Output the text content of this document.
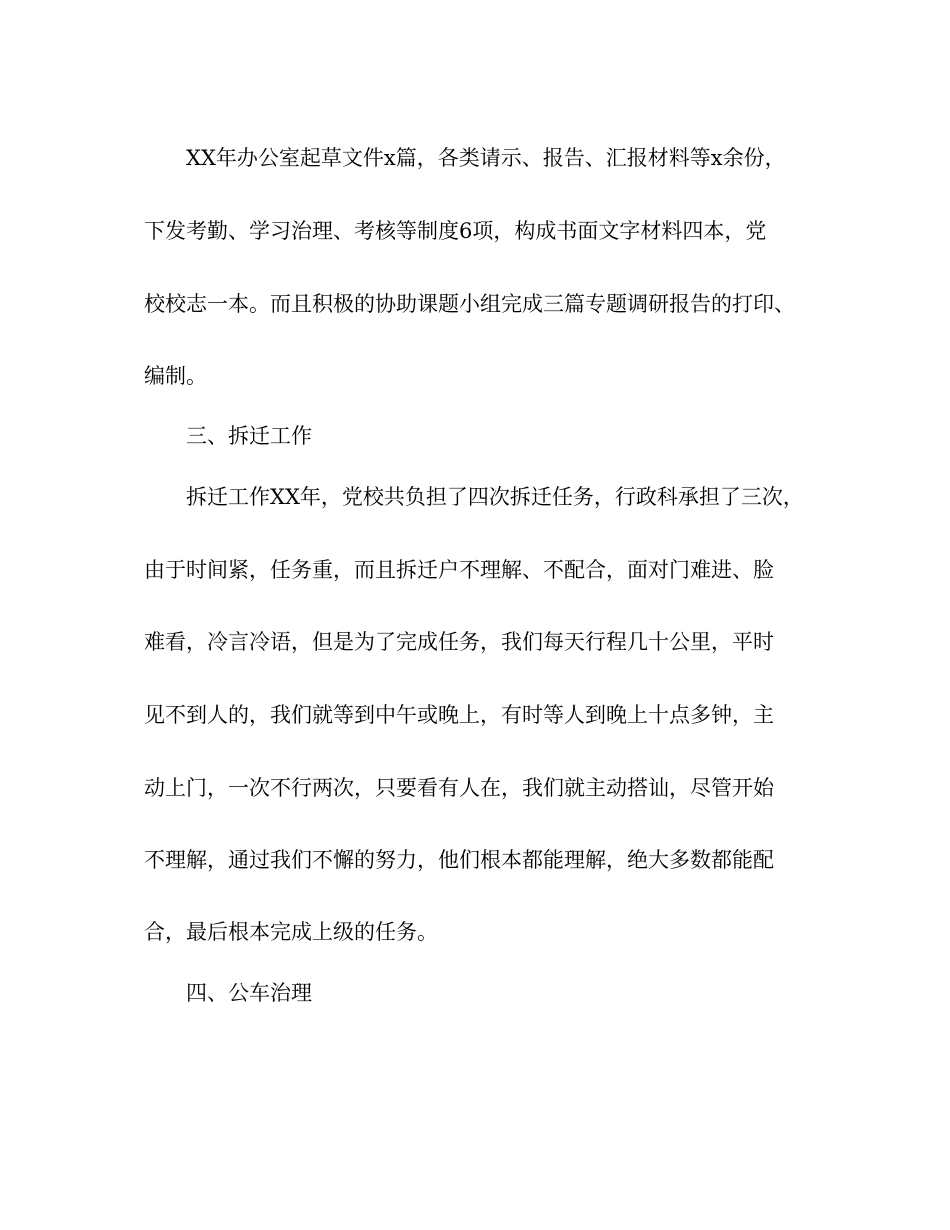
XX年办公室起草文件x篇，各类请示、报告、汇报材料等x余份，
下发考勤、学习治理、考核等制度6项，构成书面文字材料四本，党
校校志一本。而且积极的协助课题小组完成三篇专题调研报告的打印、
编制。
三、拆迁工作
拆迁工作XX年，党校共负担了四次拆迁任务，行政科承担了三次，
由于时间紧，任务重，而且拆迁户不理解、不配合，面对门难进、脸
难看，冷言冷语，但是为了完成任务，我们每天行程几十公里，平时
见不到人的，我们就等到中午或晚上，有时等人到晚上十点多钟，主
动上门，一次不行两次，只要看有人在，我们就主动搭讪，尽管开始
不理解，通过我们不懈的努力，他们根本都能理解，绝大多数都能配
合，最后根本完成上级的任务。
四、公车治理
